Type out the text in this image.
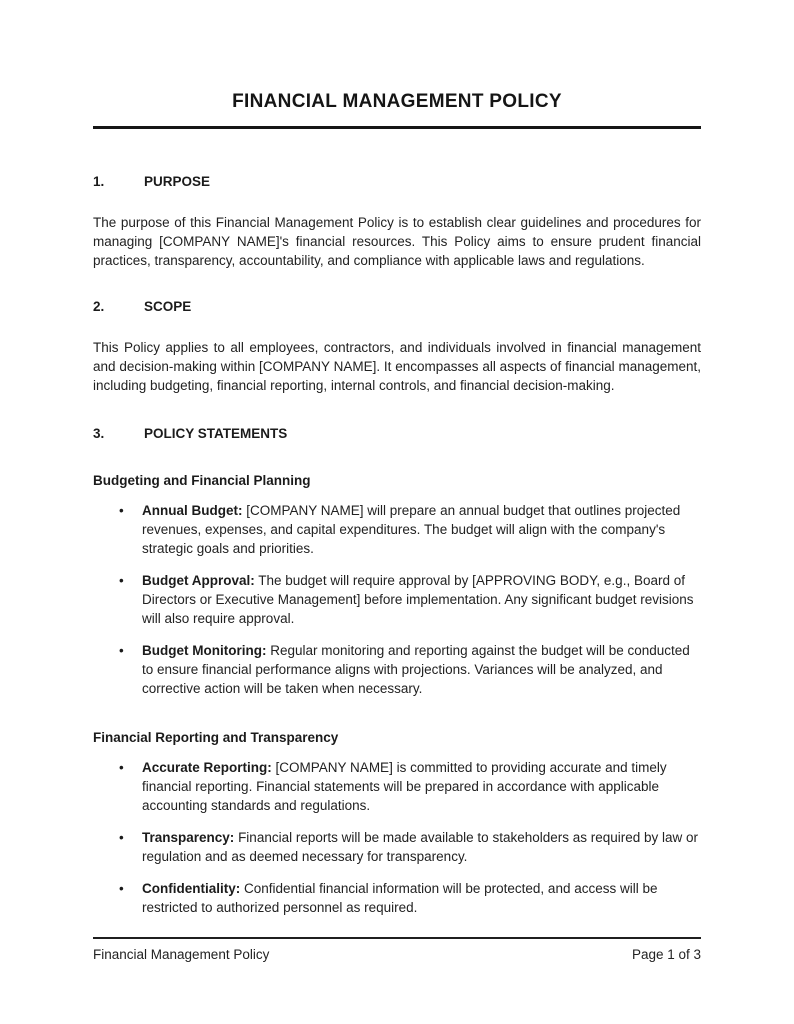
FINANCIAL MANAGEMENT POLICY
1.	PURPOSE

The purpose of this Financial Management Policy is to establish clear guidelines and procedures for managing [COMPANY NAME]'s financial resources. This Policy aims to ensure prudent financial practices, transparency, accountability, and compliance with applicable laws and regulations.

2.	SCOPE

This Policy applies to all employees, contractors, and individuals involved in financial management and decision-making within [COMPANY NAME]. It encompasses all aspects of financial management, including budgeting, financial reporting, internal controls, and financial decision-making.

3.	POLICY STATEMENTS
Budgeting and Financial Planning
•	Annual Budget: [COMPANY NAME] will prepare an annual budget that outlines projected revenues, expenses, and capital expenditures. The budget will align with the company's strategic goals and priorities.
•	Budget Approval: The budget will require approval by [APPROVING BODY, e.g., Board of Directors or Executive Management] before implementation. Any significant budget revisions will also require approval.
•	Budget Monitoring: Regular monitoring and reporting against the budget will be conducted to ensure financial performance aligns with projections. Variances will be analyzed, and corrective action will be taken when necessary.
Financial Reporting and Transparency
•	Accurate Reporting: [COMPANY NAME] is committed to providing accurate and timely financial reporting. Financial statements will be prepared in accordance with applicable accounting standards and regulations.
•	Transparency: Financial reports will be made available to stakeholders as required by law or regulation and as deemed necessary for transparency.
•	Confidentiality: Confidential financial information will be protected, and access will be restricted to authorized personnel as required.
Financial Management Policy	Page 1 of 3
